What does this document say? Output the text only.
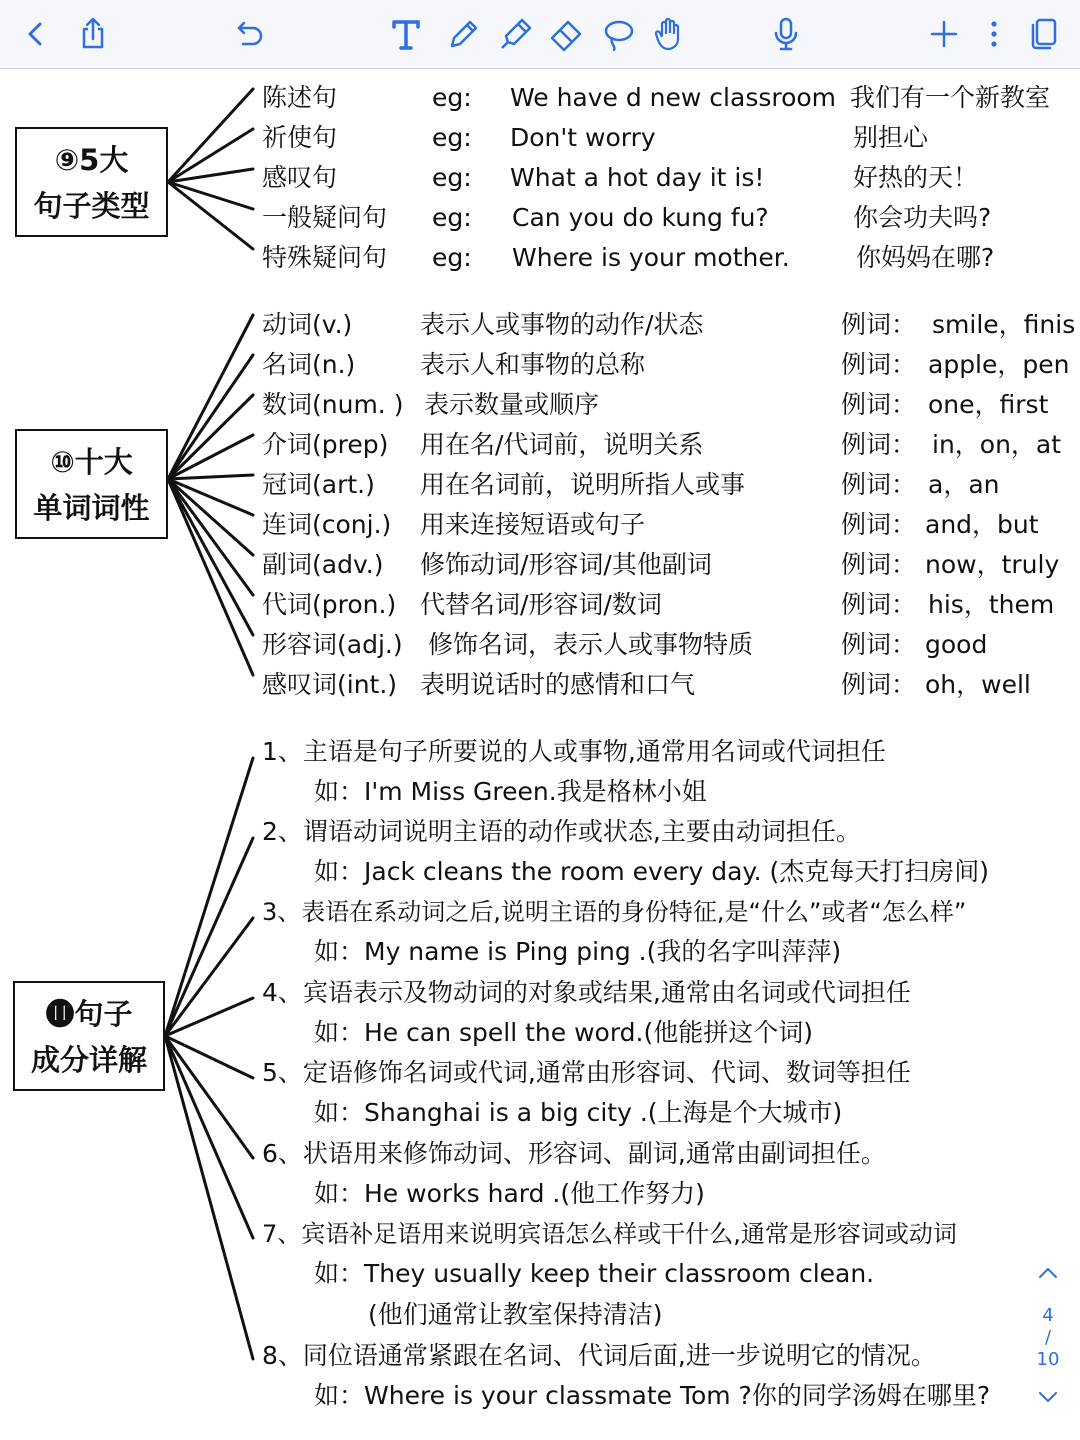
⑨5大
句子类型
陈述句	eg: We have d new classroom 我们有一个新教室
祈使句	eg: Don't worry	别担心
感叹句	eg: What a hot day it is!	好热的天！
一般疑问句 eg: Can you do kung fu?	你会功夫吗?
特殊疑问句 eg: Where is your mother.	你妈妈在哪?
⑩十大
单词词性
动词(v.)	表示人或事物的动作/状态	例词： smile，finis
名词(n.)	表示人和事物的总称	例词： apple，pen
数词(num. ) 表示数量或顺序	例词： one，first
介词(prep) 用在名/代词前，说明关系	例词： in，on，at
冠词(art.) 用在名词前，说明所指人或事	例词： a，an
连词(conj.) 用来连接短语或句子	例词： and，but
副词(adv.) 修饰动词/形容词/其他副词	例词： now，truly
代词(pron.) 代替名词/形容词/数词	例词： his，them
形容词(adj.) 修饰名词，表示人或事物特质	例词： good
感叹词(int.) 表明说话时的感情和口气	例词： oh，well
⓫句子
成分详解
1、主语是句子所要说的人或事物,通常用名词或代词担任
如：I'm Miss Green.我是格林小姐
2、谓语动词说明主语的动作或状态,主要由动词担任。
如：Jack cleans the room every day. (杰克每天打扫房间)
3、表语在系动词之后,说明主语的身份特征,是“什么”或者“怎么样”
如：My name is Ping ping .(我的名字叫萍萍)
4、宾语表示及物动词的对象或结果,通常由名词或代词担任
如：He can spell the word.(他能拼这个词)
5、定语修饰名词或代词,通常由形容词、代词、数词等担任
如：Shanghai is a big city .(上海是个大城市)
6、状语用来修饰动词、形容词、副词,通常由副词担任。
如：He works hard .(他工作努力)
7、宾语补足语用来说明宾语怎么样或干什么,通常是形容词或动词
如：They usually keep their classroom clean.
(他们通常让教室保持清洁)
8、同位语通常紧跟在名词、代词后面,进一步说明它的情况。
如：Where is your classmate Tom ?你的同学汤姆在哪里?
4
/
10
